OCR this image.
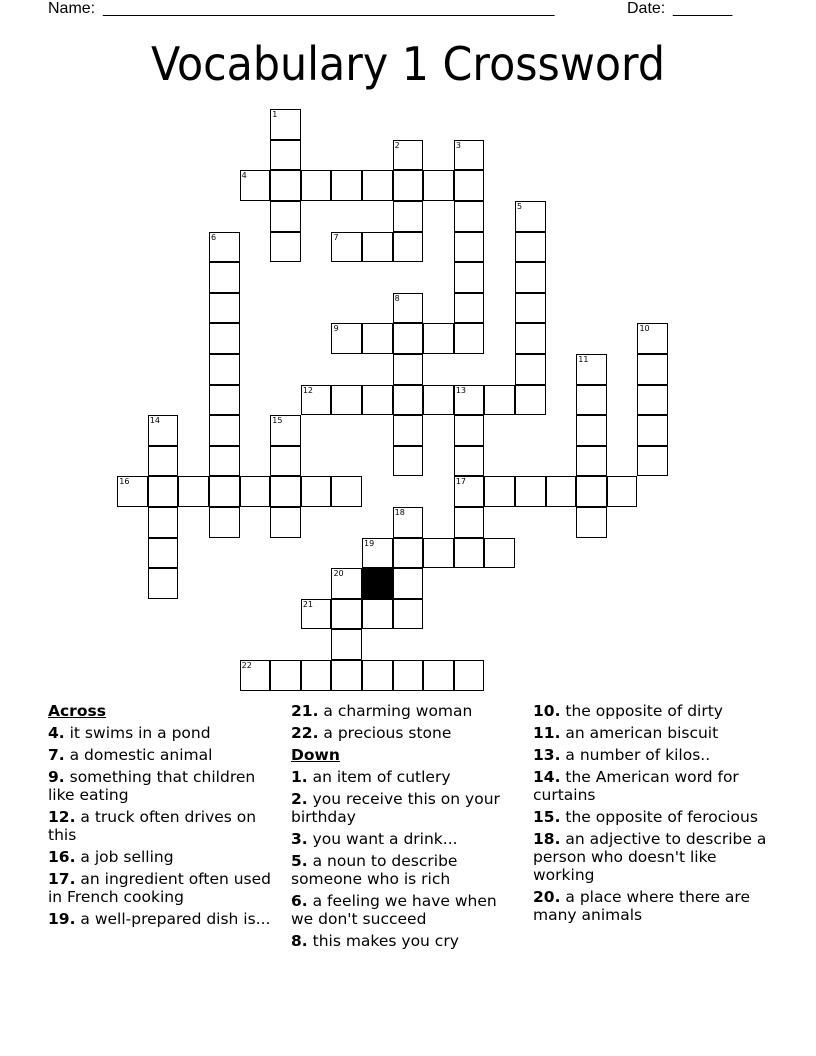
Name: ______________________________________________________	Date: _______
Vocabulary 1 Crossword
1
2	3
4
5
6	7
8
9	10
11
12	13
14	15
16	17
18
19
20
21
22
Across
4. it swims in a pond
7. a domestic animal
9. something that children like eating
12. a truck often drives on this
16. a job selling
17. an ingredient often used in French cooking
19. a well-prepared dish is...
21. a charming woman
22. a precious stone
Down
1. an item of cutlery
2. you receive this on your birthday
3. you want a drink...
5. a noun to describe someone who is rich
6. a feeling we have when we don't succeed
8. this makes you cry
10. the opposite of dirty
11. an american biscuit
13. a number of kilos..
14. the American word for curtains
15. the opposite of ferocious
18. an adjective to describe a person who doesn't like working
20. a place where there are many animals
